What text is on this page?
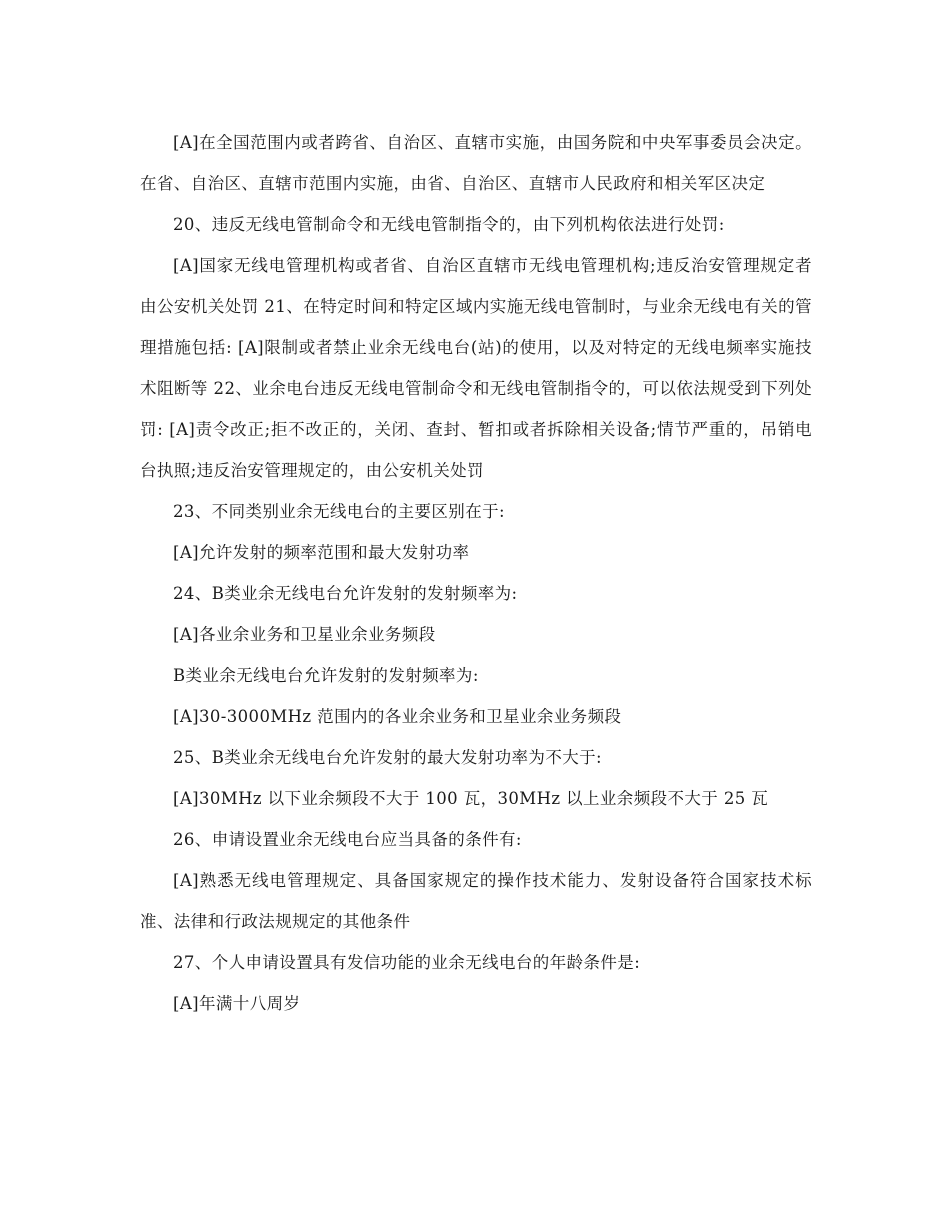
[A]在全国范围内或者跨省、自治区、直辖市实施，由国务院和中央军事委员会决定。在省、自治区、直辖市范围内实施，由省、自治区、直辖市人民政府和相关军区决定

20、违反无线电管制命令和无线电管制指令的，由下列机构依法进行处罚:

[A]国家无线电管理机构或者省、自治区直辖市无线电管理机构;违反治安管理规定者由公安机关处罚 21、在特定时间和特定区域内实施无线电管制时，与业余无线电有关的管理措施包括: [A]限制或者禁止业余无线电台(站)的使用，以及对特定的无线电频率实施技术阻断等 22、业余电台违反无线电管制命令和无线电管制指令的，可以依法规受到下列处罚: [A]责令改正;拒不改正的，关闭、查封、暂扣或者拆除相关设备;情节严重的，吊销电台执照;违反治安管理规定的，由公安机关处罚

23、不同类别业余无线电台的主要区别在于:

[A]允许发射的频率范围和最大发射功率

24、B类业余无线电台允许发射的发射频率为:

[A]各业余业务和卫星业余业务频段

B类业余无线电台允许发射的发射频率为:

[A]30-3000MHz 范围内的各业余业务和卫星业余业务频段

25、B类业余无线电台允许发射的最大发射功率为不大于:

[A]30MHz 以下业余频段不大于 100 瓦，30MHz 以上业余频段不大于 25 瓦

26、申请设置业余无线电台应当具备的条件有:

[A]熟悉无线电管理规定、具备国家规定的操作技术能力、发射设备符合国家技术标准、法律和行政法规规定的其他条件

27、个人申请设置具有发信功能的业余无线电台的年龄条件是:

[A]年满十八周岁
